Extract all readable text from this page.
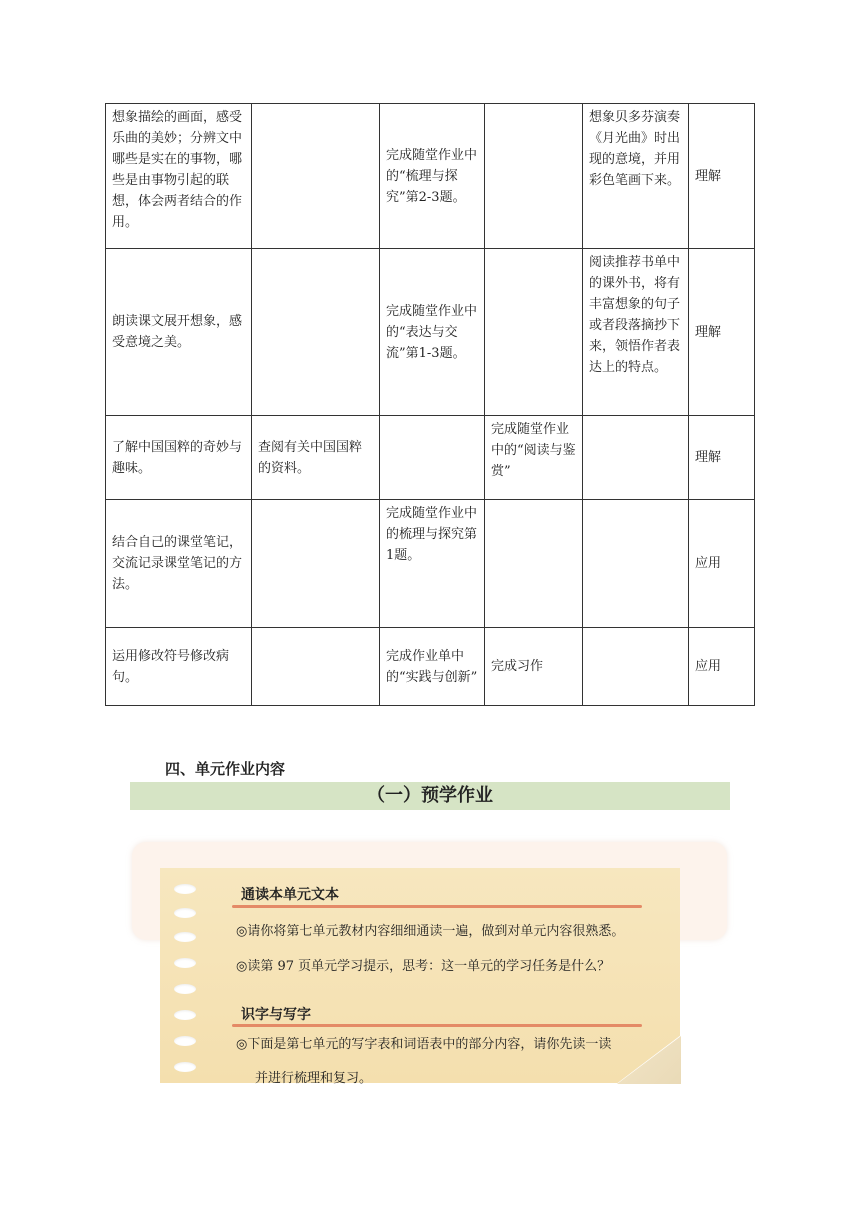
想象描绘的画面，感受乐曲的美妙；分辨文中哪些是实在的事物，哪些是由事物引起的联想，体会两者结合的作用。		完成随堂作业中的“梳理与探究”第2-3题。		想象贝多芬演奏《月光曲》时出现的意境，并用彩色笔画下来。	理解
朗读课文展开想象，感受意境之美。		完成随堂作业中的“表达与交流”第1-3题。		阅读推荐书单中的课外书，将有丰富想象的句子或者段落摘抄下来，领悟作者表达上的特点。	理解
了解中国国粹的奇妙与趣味。	查阅有关中国国粹的资料。		完成随堂作业中的“阅读与鉴赏”		理解
结合自己的课堂笔记，交流记录课堂笔记的方法。		完成随堂作业中的梳理与探究第1题。			应用
运用修改符号修改病句。		完成作业单中的“实践与创新”	完成习作		应用
四、单元作业内容
（一）预学作业
通读本单元文本
◎请你将第七单元教材内容细细通读一遍，做到对单元内容很熟悉。
◎读第 97 页单元学习提示，思考：这一单元的学习任务是什么？
识字与写字
◎下面是第七单元的写字表和词语表中的部分内容，请你先读一读
并进行梳理和复习。
